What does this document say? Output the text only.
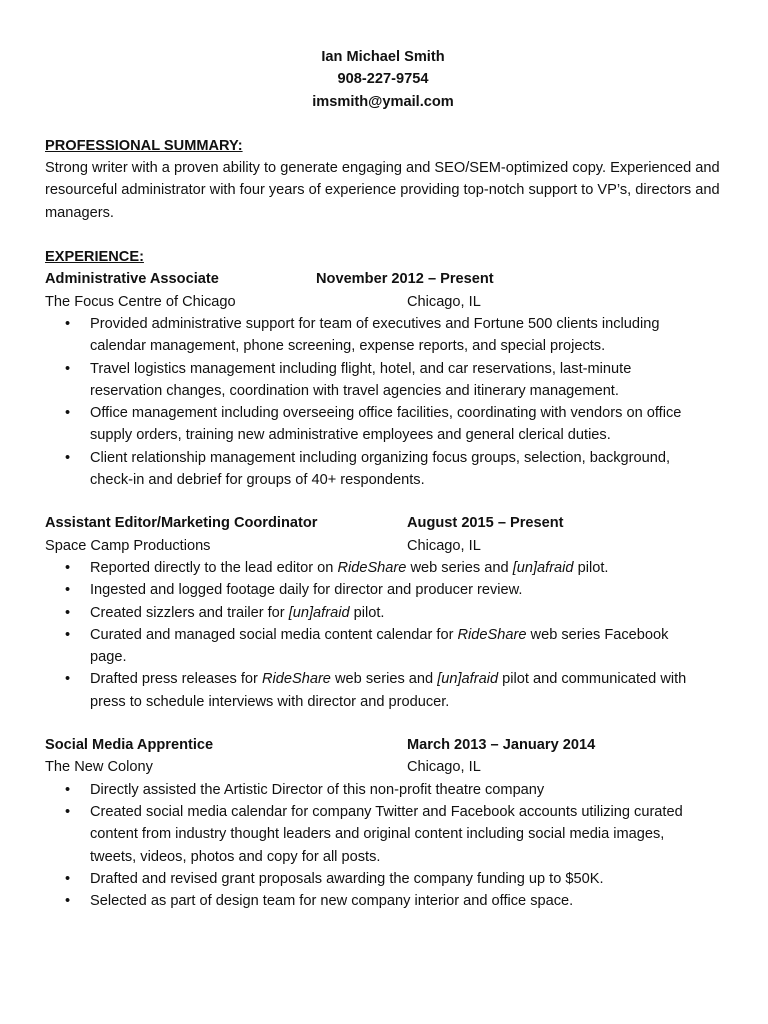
Ian Michael Smith
908-227-9754
imsmith@ymail.com
PROFESSIONAL SUMMARY:
Strong writer with a proven ability to generate engaging and SEO/SEM-optimized copy. Experienced and resourceful administrator with four years of experience providing top-notch support to VP’s, directors and managers.
EXPERIENCE:
Administrative Associate	November 2012 – Present
The Focus Centre of Chicago	Chicago, IL
• Provided administrative support for team of executives and Fortune 500 clients including calendar management, phone screening, expense reports, and special projects.
• Travel logistics management including flight, hotel, and car reservations, last-minute reservation changes, coordination with travel agencies and itinerary management.
• Office management including overseeing office facilities, coordinating with vendors on office supply orders, training new administrative employees and general clerical duties.
• Client relationship management including organizing focus groups, selection, background, check-in and debrief for groups of 40+ respondents.
Assistant Editor/Marketing Coordinator	August 2015 – Present
Space Camp Productions	Chicago, IL
• Reported directly to the lead editor on RideShare web series and [un]afraid pilot.
• Ingested and logged footage daily for director and producer review.
• Created sizzlers and trailer for [un]afraid pilot.
• Curated and managed social media content calendar for RideShare web series Facebook page.
• Drafted press releases for RideShare web series and [un]afraid pilot and communicated with press to schedule interviews with director and producer.
Social Media Apprentice	March 2013 – January 2014
The New Colony	Chicago, IL
• Directly assisted the Artistic Director of this non-profit theatre company
• Created social media calendar for company Twitter and Facebook accounts utilizing curated content from industry thought leaders and original content including social media images, tweets, videos, photos and copy for all posts.
• Drafted and revised grant proposals awarding the company funding up to $50K.
• Selected as part of design team for new company interior and office space.
